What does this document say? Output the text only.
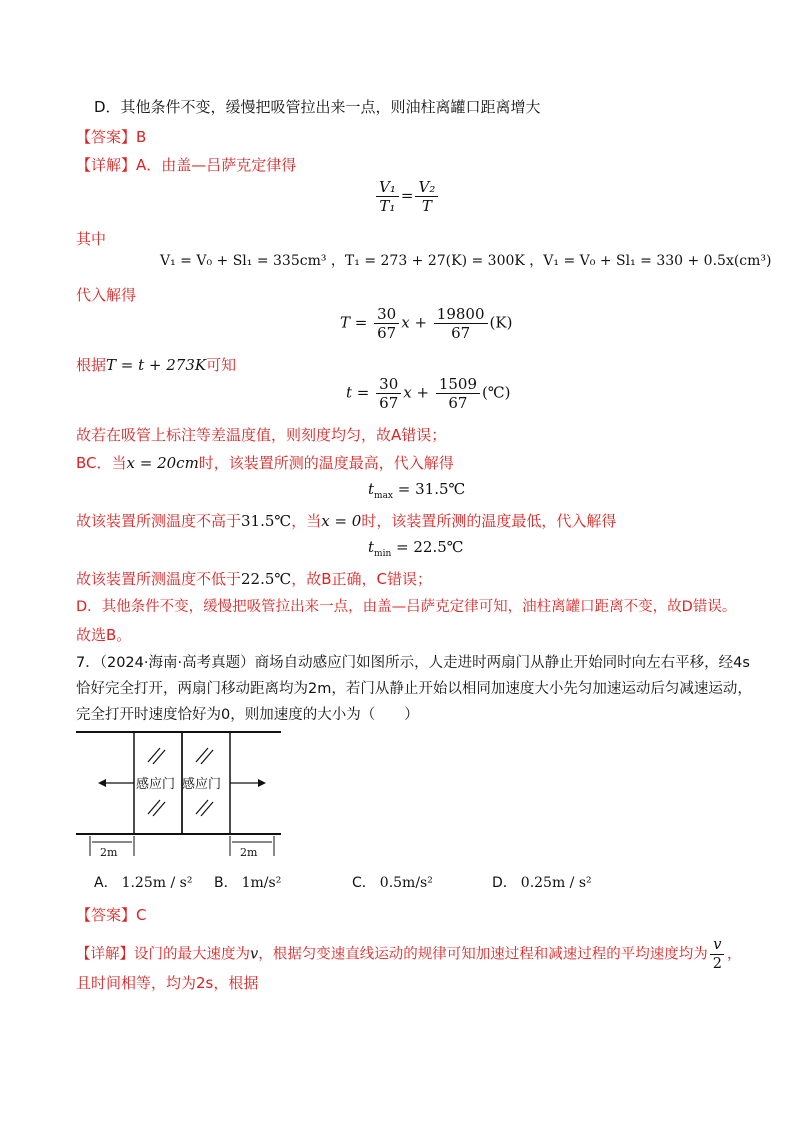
D．其他条件不变，缓慢把吸管拉出来一点，则油柱离罐口距离增大
【答案】B
【详解】A．由盖—吕萨克定律得
$\frac{\text{V₁}}{\text{T₁}} = \frac{\text{V₂}}{T}$
其中
V₁ = V₀ + Sl₁ = 335cm³ ，T₁ = 273 + 27(K) = 300K ，V₁ = V₀ + Sl₁ = 330 + 0.5x(cm³)
代入解得
$T = \frac{30}{67}$ $x + \frac{19800}{67} (K)$
根据T = t + 273K可知
$t = \frac{30}{67}$ $x + \frac{1509}{67}$ (℃)
故若在吸管上标注等差温度值，则刻度均匀，故A错误；
BC．当x = 20cm时，该装置所测的温度最高，代入解得
$t_{max}$ = 31.5℃
故该装置所测温度不高于31.5℃，当x = 0时，该装置所测的温度最低，代入解得
$t_{min}$ = 22.5℃
故该装置所测温度不低于22.5℃，故B正确，C错误；
D．其他条件不变，缓慢把吸管拉出来一点，由盖—吕萨克定律可知，油柱离罐口距离不变，故D错误。
故选B。
7．（2024·海南·高考真题）商场自动感应门如图所示，人走进时两扇门从静止开始同时向左右平移，经4s
恰好完全打开，两扇门移动距离均为2m，若门从静止开始以相同加速度大小先匀加速运动后匀减速运动，
完全打开时速度恰好为0，则加速度的大小为（　　）
感应门 感应门
2m	2m
A． 1.25m / s² B． 1m/s²	C． 0.5m/s²	D． 0.25m / s²
【答案】C
【详解】设门的最大速度为v，根据匀变速直线运动的规律可知加速过程和减速过程的平均速度均为 $\frac{v}{2}$ ，
且时间相等，均为2s，根据
